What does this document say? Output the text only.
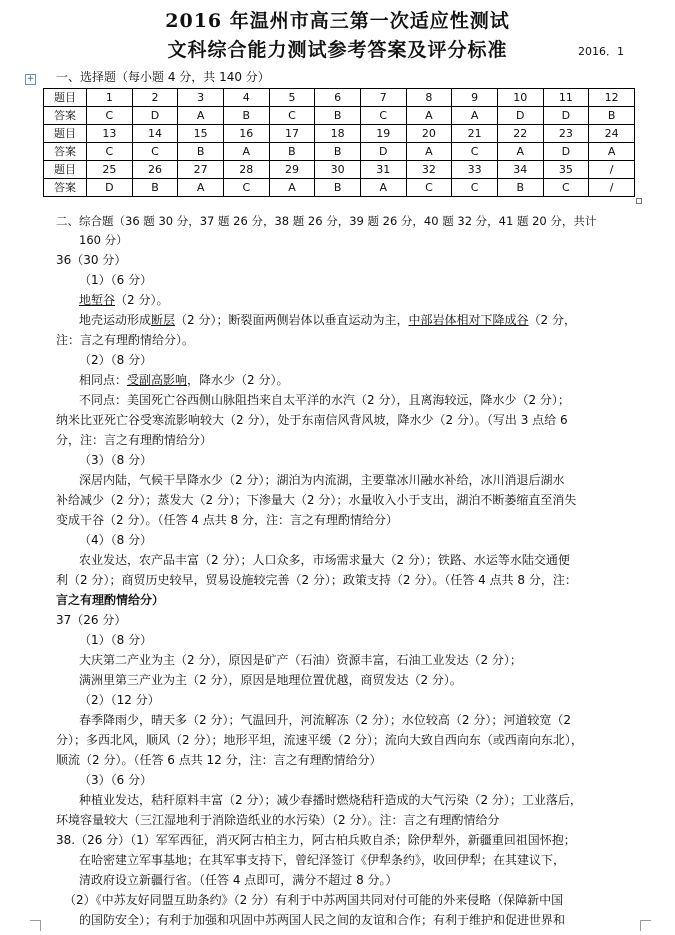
2016 年温州市高三第一次适应性测试
文科综合能力测试参考答案及评分标准	2016．1
+ 一、选择题（每小题 4 分，共 140 分）
题目	1	2	3	4	5	6	7	8	9	10	11	12
答案	C	D	A	B	C	B	C	A	A	D	D	B
题目	13	14	15	16	17	18	19	20	21	22	23	24
答案	C	C	B	A	B	B	D	A	C	A	D	A
题目	25	26	27	28	29	30	31	32	33	34	35	/
答案	D	B	A	C	A	B	A	C	C	B	C	/
二、综合题（36 题 30 分，37 题 26 分，38 题 26 分，39 题 26 分，40 题 32 分，41 题 20 分，共计
160 分）
36（30 分）
（1）（6 分）
地堑谷（2 分）。
地壳运动形成断层（2 分）；断裂面两侧岩体以垂直运动为主，中部岩体相对下降成谷（2 分，
注：言之有理酌情给分）。
（2）（8 分）
相同点：受副高影响，降水少（2 分）。
不同点：美国死亡谷西侧山脉阻挡来自太平洋的水汽（2 分），且离海较远，降水少（2 分）；
纳米比亚死亡谷受寒流影响较大（2 分），处于东南信风背风坡，降水少（2 分）。（写出 3 点给 6
分，注：言之有理酌情给分）
（3）（8 分）
深居内陆，气候干旱降水少（2 分）；湖泊为内流湖，主要靠冰川融水补给，冰川消退后湖水
补给减少（2 分）；蒸发大（2 分）；下渗量大（2 分）；水量收入小于支出，湖泊不断萎缩直至消失
变成干谷（2 分）。（任答 4 点共 8 分，注：言之有理酌情给分）
（4）（8 分）
农业发达，农产品丰富（2 分）；人口众多，市场需求量大（2 分）；铁路、水运等水陆交通便
利（2 分）；商贸历史较早，贸易设施较完善（2 分）；政策支持（2 分）。（任答 4 点共 8 分，注：
言之有理酌情给分）
37（26 分）
（1）（8 分）
大庆第二产业为主（2 分），原因是矿产（石油）资源丰富，石油工业发达（2 分）；
满洲里第三产业为主（2 分），原因是地理位置优越，商贸发达（2 分）。
（2）（12 分）
春季降雨少，晴天多（2 分）；气温回升，河流解冻（2 分）；水位较高（2 分）；河道较宽（2
分）；多西北风，顺风（2 分）；地形平坦，流速平缓（2 分）；流向大致自西向东（或西南向东北），
顺流（2 分）。（任答 6 点共 12 分，注：言之有理酌情给分）
（3）（6 分）
种植业发达，秸秆原料丰富（2 分）；减少春播时燃烧秸秆造成的大气污染（2 分）；工业落后，
环境容量较大（三江湿地利于消除造纸业的水污染）（2 分）。注：言之有理酌情给分
38.（26 分）（1）军军西征，消灭阿古柏主力，阿古柏兵败自杀；除伊犁外，新疆重回祖国怀抱；
在哈密建立军事基地；在其军事支持下，曾纪泽签订《伊犁条约》，收回伊犁；在其建议下，
清政府设立新疆行省。（任答 4 点即可，满分不超过 8 分。）
（2）《中苏友好同盟互助条约》（2 分）有利于中苏两国共同对付可能的外来侵略（保障新中国
的国防安全）；有利于加强和巩固中苏两国人民之间的友谊和合作；有利于维护和促进世界和
